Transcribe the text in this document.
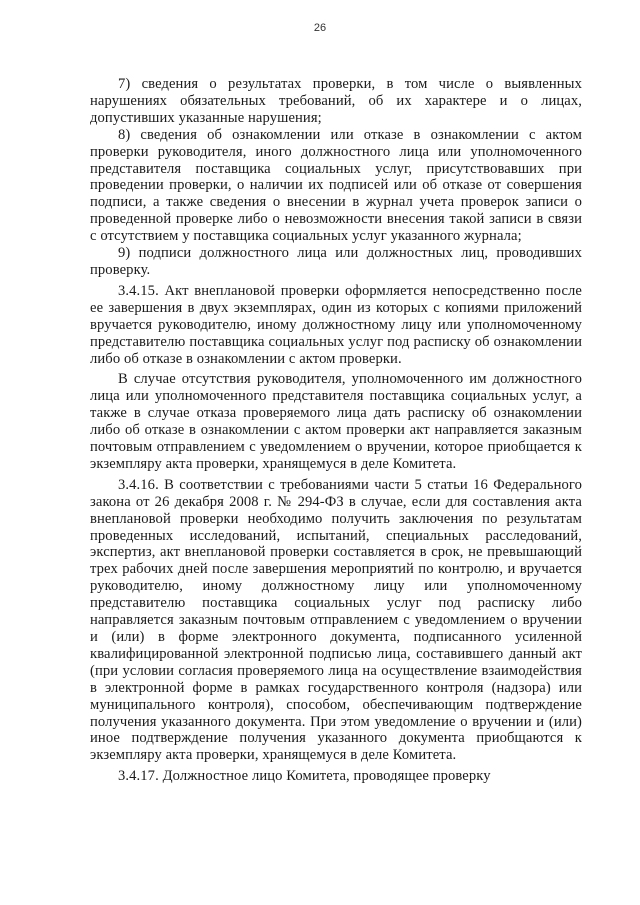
26

7) сведения о результатах проверки, в том числе о выявленных нарушениях обязательных требований, об их характере и о лицах, допустивших указанные нарушения;

8) сведения об ознакомлении или отказе в ознакомлении с актом проверки руководителя, иного должностного лица или уполномоченного представителя поставщика социальных услуг, присутствовавших при проведении проверки, о наличии их подписей или об отказе от совершения подписи, а также сведения о внесении в журнал учета проверок записи о проведенной проверке либо о невозможности внесения такой записи в связи с отсутствием у поставщика социальных услуг указанного журнала;

9) подписи должностного лица или должностных лиц, проводивших проверку.

3.4.15. Акт внеплановой проверки оформляется непосредственно после ее завершения в двух экземплярах, один из которых с копиями приложений вручается руководителю, иному должностному лицу или уполномоченному представителю поставщика социальных услуг под расписку об ознакомлении либо об отказе в ознакомлении с актом проверки.

В случае отсутствия руководителя, уполномоченного им должностного лица или уполномоченного представителя поставщика социальных услуг, а также в случае отказа проверяемого лица дать расписку об ознакомлении либо об отказе в ознакомлении с актом проверки акт направляется заказным почтовым отправлением с уведомлением о вручении, которое приобщается к экземпляру акта проверки, хранящемуся в деле Комитета.

3.4.16. В соответствии с требованиями части 5 статьи 16 Федерального закона от 26 декабря 2008 г. № 294-ФЗ в случае, если для составления акта внеплановой проверки необходимо получить заключения по результатам проведенных исследований, испытаний, специальных расследований, экспертиз, акт внеплановой проверки составляется в срок, не превышающий трех рабочих дней после завершения мероприятий по контролю, и вручается руководителю, иному должностному лицу или уполномоченному представителю поставщика социальных услуг под расписку либо направляется заказным почтовым отправлением с уведомлением о вручении и (или) в форме электронного документа, подписанного усиленной квалифицированной электронной подписью лица, составившего данный акт (при условии согласия проверяемого лица на осуществление взаимодействия в электронной форме в рамках государственного контроля (надзора) или муниципального контроля), способом, обеспечивающим подтверждение получения указанного документа. При этом уведомление о вручении и (или) иное подтверждение получения указанного документа приобщаются к экземпляру акта проверки, хранящемуся в деле Комитета.

3.4.17. Должностное лицо Комитета, проводящее проверку
